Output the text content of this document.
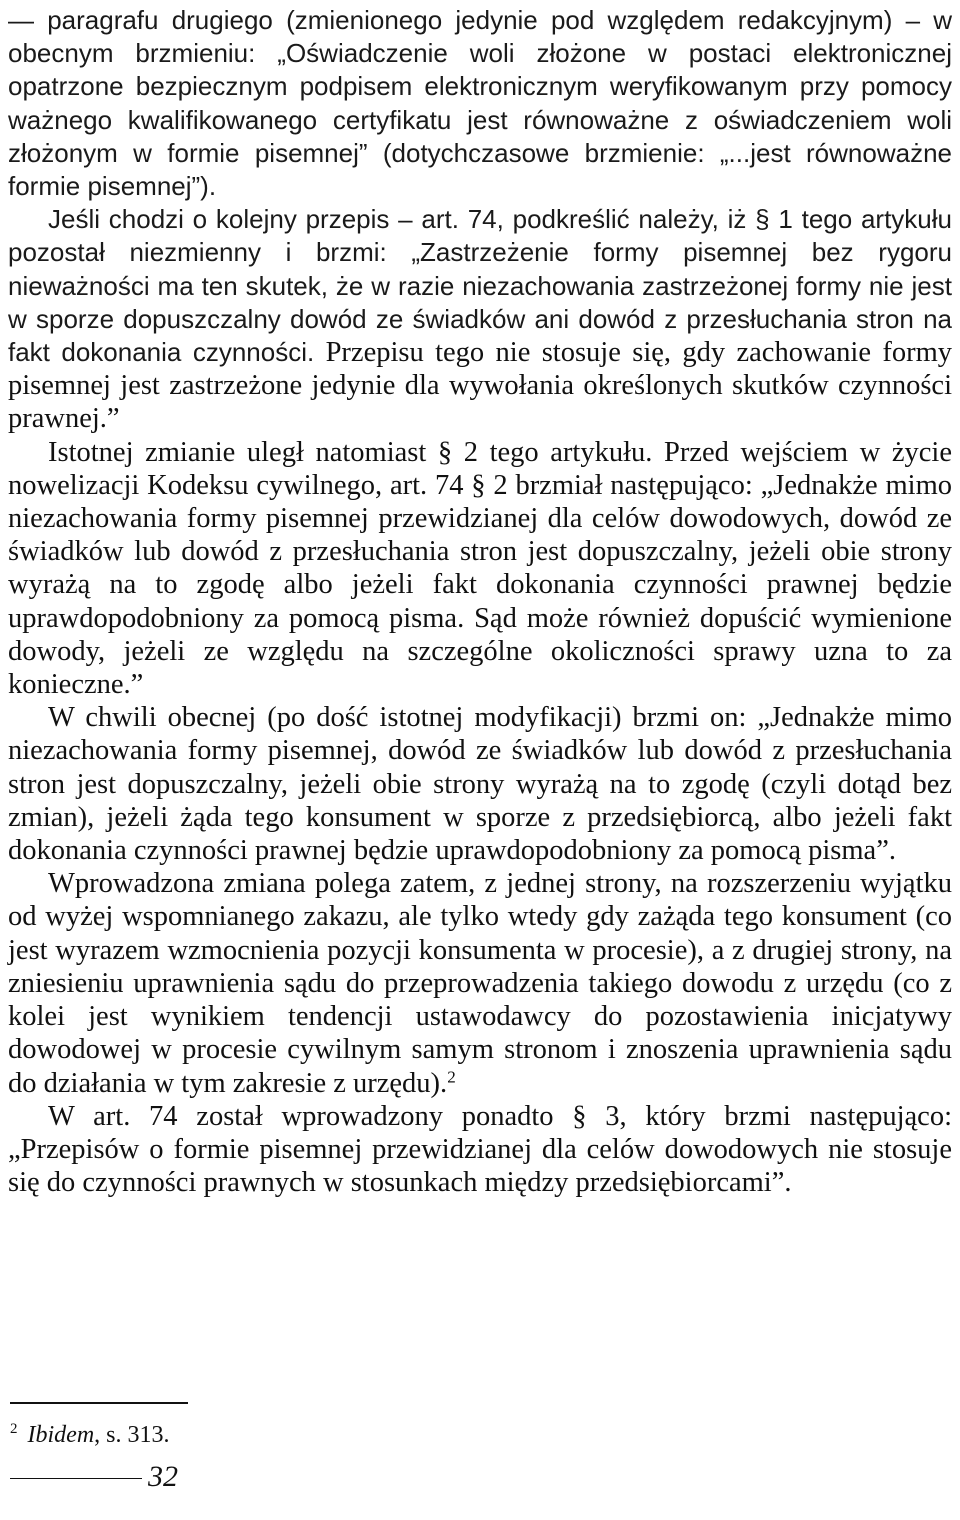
— paragrafu drugiego (zmienionego jedynie pod względem redakcyjnym) – w obecnym brzmieniu: „Oświadczenie woli złożone w postaci elektronicznej opatrzone bezpiecznym podpisem elektronicznym weryfikowanym przy pomocy ważnego kwalifikowanego certyfikatu jest równoważne z oświadczeniem woli złożonym w formie pisemnej” (dotychczasowe brzmienie: „...jest równoważne formie pisemnej”).

Jeśli chodzi o kolejny przepis – art. 74, podkreślić należy, iż § 1 tego artykułu pozostał niezmienny i brzmi: „Zastrzeżenie formy pisemnej bez rygoru nieważności ma ten skutek, że w razie niezachowania zastrzeżonej formy nie jest w sporze dopuszczalny dowód ze świadków ani dowód z przesłuchania stron na fakt dokonania czynności. Przepisu tego nie stosuje się, gdy zachowanie formy pisemnej jest zastrzeżone jedynie dla wywołania określonych skutków czynności prawnej.”

Istotnej zmianie uległ natomiast § 2 tego artykułu. Przed wejściem w życie nowelizacji Kodeksu cywilnego, art. 74 § 2 brzmiał następująco: „Jednakże mimo niezachowania formy pisemnej przewidzianej dla celów dowodowych, dowód ze świadków lub dowód z przesłuchania stron jest dopuszczalny, jeżeli obie strony wyrażą na to zgodę albo jeżeli fakt dokonania czynności prawnej będzie uprawdopodobniony za pomocą pisma. Sąd może również dopuścić wymienione dowody, jeżeli ze względu na szczególne okoliczności sprawy uzna to za konieczne.”

W chwili obecnej (po dość istotnej modyfikacji) brzmi on: „Jednakże mimo niezachowania formy pisemnej, dowód ze świadków lub dowód z przesłuchania stron jest dopuszczalny, jeżeli obie strony wyrażą na to zgodę (czyli dotąd bez zmian), jeżeli żąda tego konsument w sporze z przedsiębiorcą, albo jeżeli fakt dokonania czynności prawnej będzie uprawdopodobniony za pomocą pisma”.

Wprowadzona zmiana polega zatem, z jednej strony, na rozszerzeniu wyjątku od wyżej wspomnianego zakazu, ale tylko wtedy gdy zażąda tego konsument (co jest wyrazem wzmocnienia pozycji konsumenta w procesie), a z drugiej strony, na zniesieniu uprawnienia sądu do przeprowadzenia takiego dowodu z urzędu (co z kolei jest wynikiem tendencji ustawodawcy do pozostawienia inicjatywy dowodowej w procesie cywilnym samym stronom i znoszenia uprawnienia sądu do działania w tym zakresie z urzędu).$^2$

W art. 74 został wprowadzony ponadto § 3, który brzmi następująco: „Przepisów o formie pisemnej przewidzianej dla celów dowodowych nie stosuje się do czynności prawnych w stosunkach między przedsiębiorcami”.

$^2$ Ibidem, s. 313.
32
